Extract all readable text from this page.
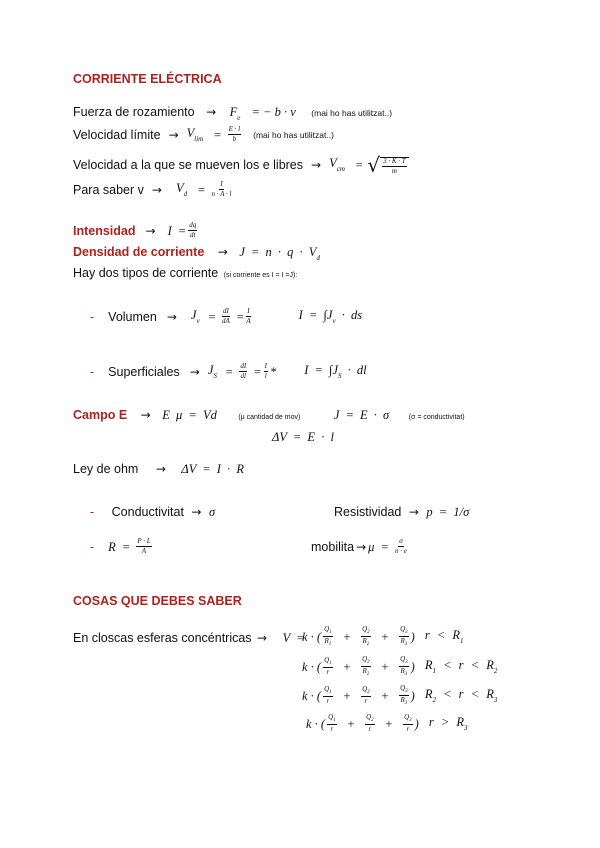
CORRIENTE ELÉCTRICA
Fuerza de rozamiento → $F_e$ = − b · v (mai ho has utilitzat..)
Velocidad límite → $V_{lim} = \frac{E \cdot l}{b} (mai$ ho has utilitzat..)
Velocidad a la que se mueven los e libres → $V_{cm}$ = √ $\frac{3 \cdot K \cdot T}{m}$
Para saber $v \to V_d = \frac{I}{n \cdot A \cdot l}$
Intensidad → $I = \frac{dq}{dt}$
Densidad de corriente → $J = n \cdot q \cdot V_d$
Hay dos tipos de corriente (si corriente es I = I =J):
- Volumen → $J_v = \frac{dI}{dA} = \frac{I}{A}$	$I = \int J_v$ · ds
- Superficiales → $J_S = \frac{dI}{dl} = \frac{I}{l} * I = \int J_S$ · dl
Campo E → E μ = Vd	(μ cantidad de mov)	J = E · σ	(σ = conductivitat)
ΔV = E · l
Ley de ohm → ΔV = I · R
- Conductivitat → σ	Resistividad → p = 1/σ
- $R = \frac{P \cdot L}{A}$	mobilita → $\mu = \frac{\sigma}{n \cdot e}$
COSAS QUE DEBES SABER
En closcas esferas concéntricas → V =
k · ( $\frac{Q_1}{R_1} + \frac{Q_2}{R_2} + \frac{Q_3}{R_3}$ ) $r < R_1$
k · ( $\frac{Q_1}{r} + \frac{Q_2}{R_2} + \frac{Q_3}{R_3}$ ) $R_1 < r < R_2$
k · ( $\frac{Q_1}{r} + \frac{Q_2}{r} + \frac{Q_3}{R_3}$ ) $R_2 < r < R_3$
k · ( $\frac{Q_1}{r} + \frac{Q_2}{r} + \frac{Q_3}{r}$ ) $r > R_3$
